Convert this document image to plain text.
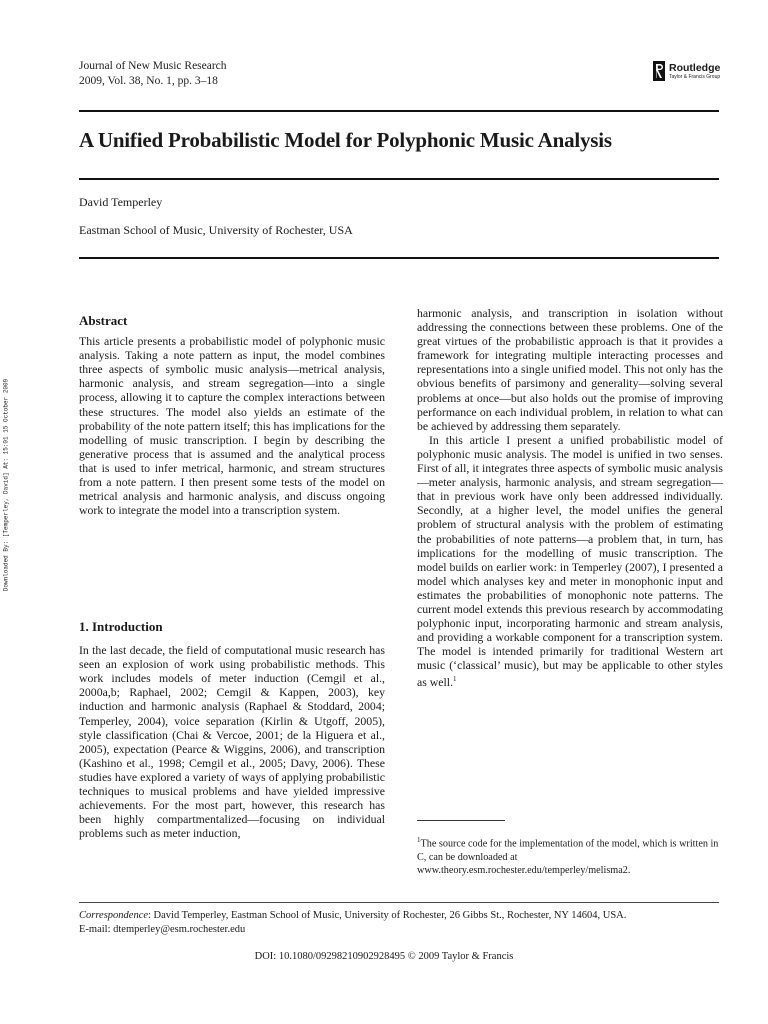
Journal of New Music Research
2009, Vol. 38, No. 1, pp. 3–18
Routledge
Taylor & Francis Group
A Unified Probabilistic Model for Polyphonic Music Analysis
David Temperley
Eastman School of Music, University of Rochester, USA
Downloaded By: [Temperley, David] At: 15:01 15 October 2009
Abstract

This article presents a probabilistic model of polyphonic music analysis. Taking a note pattern as input, the model combines three aspects of symbolic music analysis—metrical analysis, harmonic analysis, and stream segregation—into a single process, allowing it to capture the complex interactions between these structures. The model also yields an estimate of the probability of the note pattern itself; this has implications for the modelling of music transcription. I begin by describing the generative process that is assumed and the analytical process that is used to infer metrical, harmonic, and stream structures from a note pattern. I then present some tests of the model on metrical analysis and harmonic analysis, and discuss ongoing work to integrate the model into a transcription system.

1. Introduction

In the last decade, the field of computational music research has seen an explosion of work using probabilistic methods. This work includes models of meter induction (Cemgil et al., 2000a,b; Raphael, 2002; Cemgil & Kappen, 2003), key induction and harmonic analysis (Raphael & Stoddard, 2004; Temperley, 2004), voice separation (Kirlin & Utgoff, 2005), style classification (Chai & Vercoe, 2001; de la Higuera et al., 2005), expectation (Pearce & Wiggins, 2006), and transcription (Kashino et al., 1998; Cemgil et al., 2005; Davy, 2006). These studies have explored a variety of ways of applying probabilistic techniques to musical problems and have yielded impressive achievements. For the most part, however, this research has been highly compartmentalized—focusing on individual problems such as meter induction,

harmonic analysis, and transcription in isolation without addressing the connections between these problems. One of the great virtues of the probabilistic approach is that it provides a framework for integrating multiple interacting processes and representations into a single unified model. This not only has the obvious benefits of parsimony and generality—solving several problems at once—but also holds out the promise of improving performance on each individual problem, in relation to what can be achieved by addressing them separately.

In this article I present a unified probabilistic model of polyphonic music analysis. The model is unified in two senses. First of all, it integrates three aspects of symbolic music analysis—meter analysis, harmonic analysis, and stream segregation—that in previous work have only been addressed individually. Secondly, at a higher level, the model unifies the general problem of structural analysis with the problem of estimating the probabilities of note patterns—a problem that, in turn, has implications for the modelling of music transcription. The model builds on earlier work: in Temperley (2007), I presented a model which analyses key and meter in monophonic input and estimates the probabilities of monophonic note patterns. The current model extends this previous research by accommodating polyphonic input, incorporating harmonic and stream analysis, and providing a workable component for a transcription system. The model is intended primarily for traditional Western art music (‘classical’ music), but may be applicable to other styles as well.$^1$

$^1$The source code for the implementation of the model, which is written in C, can be downloaded at www.theory.esm.rochester.edu/temperley/melisma2.
Correspondence: David Temperley, Eastman School of Music, University of Rochester, 26 Gibbs St., Rochester, NY 14604, USA.
E-mail: dtemperley@esm.rochester.edu
DOI: 10.1080/09298210902928495 © 2009 Taylor & Francis
